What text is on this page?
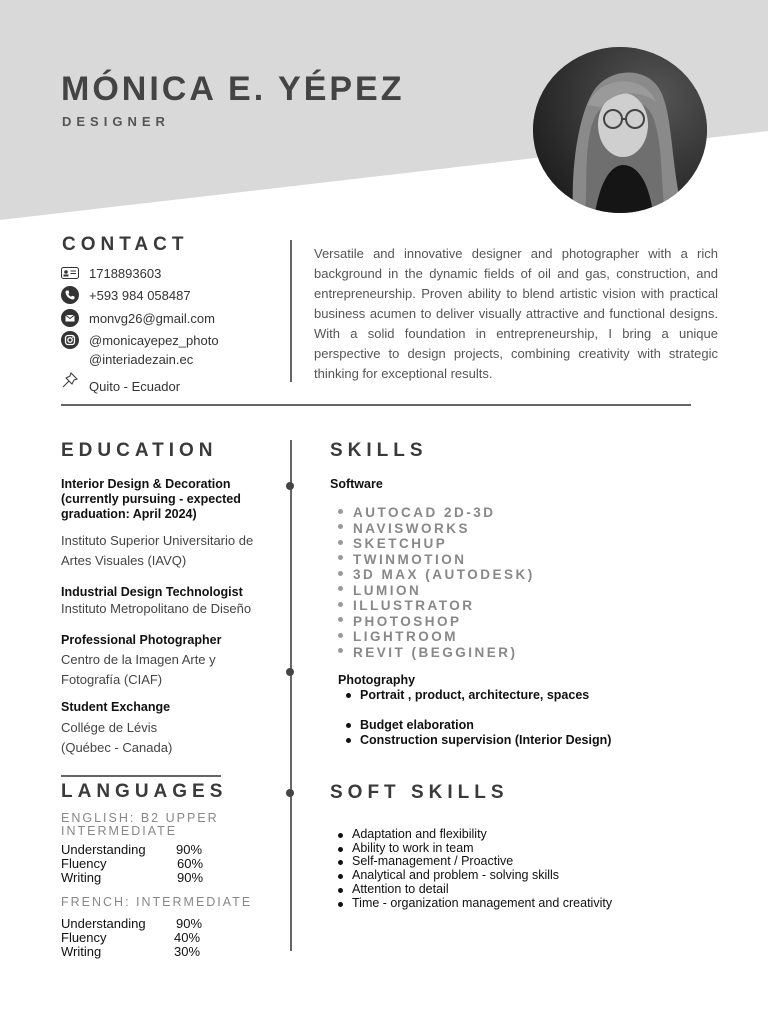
MÓNICA E. YÉPEZ
DESIGNER
CONTACT
1718893603
+593 984 058487
monvg26@gmail.com
@monicayepez_photo
@interiadezain.ec
Quito - Ecuador
Versatile and innovative designer and photographer with a rich background in the dynamic fields of oil and gas, construction, and entrepreneurship. Proven ability to blend artistic vision with practical business acumen to deliver visually attractive and functional designs. With a solid foundation in entrepreneurship, I bring a unique perspective to design projects, combining creativity with strategic thinking for exceptional results.
EDUCATION
Interior Design & Decoration (currently pursuing - expected graduation: April 2024)
Instituto Superior Universitario de Artes Visuales (IAVQ)
Industrial Design Technologist
Instituto Metropolitano de Diseño
Professional Photographer
Centro de la Imagen Arte y Fotografía (CIAF)
Student Exchange
Collége de Lévis (Québec - Canada)
LANGUAGES
ENGLISH: B2 UPPER INTERMEDIATE
Understanding 90%
Fluency	60%
Writing	90%
FRENCH: INTERMEDIATE
Understanding 90%
Fluency	40%
Writing	30%
SKILLS
Software
AUTOCAD 2D-3D
NAVISWORKS
SKETCHUP
TWINMOTION
3D MAX (AUTODESK)
LUMION
ILLUSTRATOR
PHOTOSHOP
LIGHTROOM
REVIT (BEGGINER)
Photography
Portrait , product, architecture, spaces
Budget elaboration
Construction supervision (Interior Design)
SOFT SKILLS
Adaptation and flexibility
Ability to work in team
Self-management / Proactive
Analytical and problem - solving skills
Attention to detail
Time - organization management and creativity
